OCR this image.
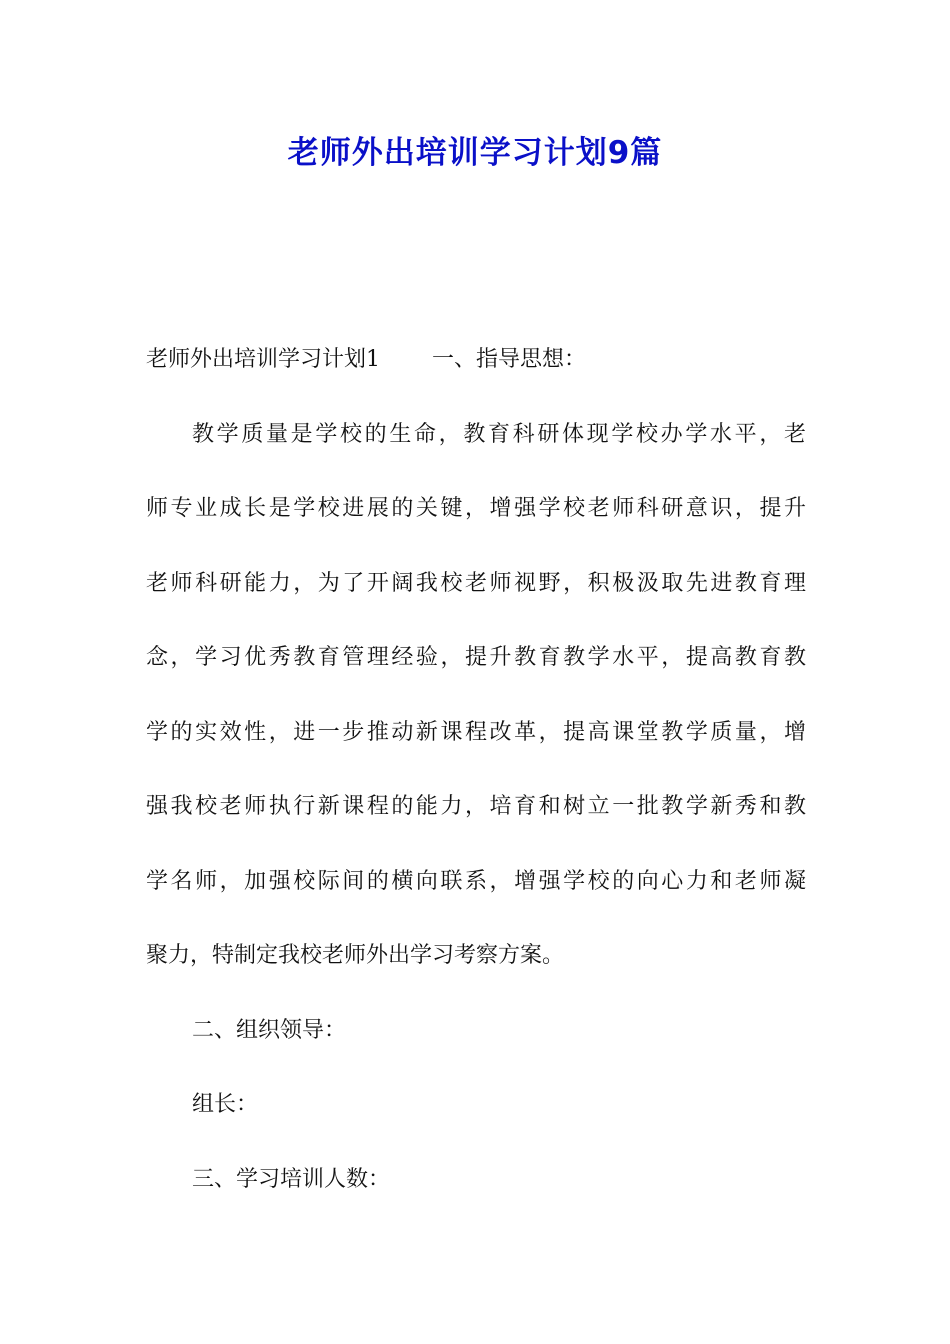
老师外出培训学习计划9篇
老师外出培训学习计划1 一、指导思想：
教学质量是学校的生命，教育科研体现学校办学水平，老
师专业成长是学校进展的关键，增强学校老师科研意识，提升
老师科研能力，为了开阔我校老师视野，积极汲取先进教育理
念，学习优秀教育管理经验，提升教育教学水平，提高教育教
学的实效性，进一步推动新课程改革，提高课堂教学质量，增
强我校老师执行新课程的能力，培育和树立一批教学新秀和教
学名师，加强校际间的横向联系，增强学校的向心力和老师凝
聚力，特制定我校老师外出学习考察方案。
二、组织领导：
组长：
三、学习培训人数：
